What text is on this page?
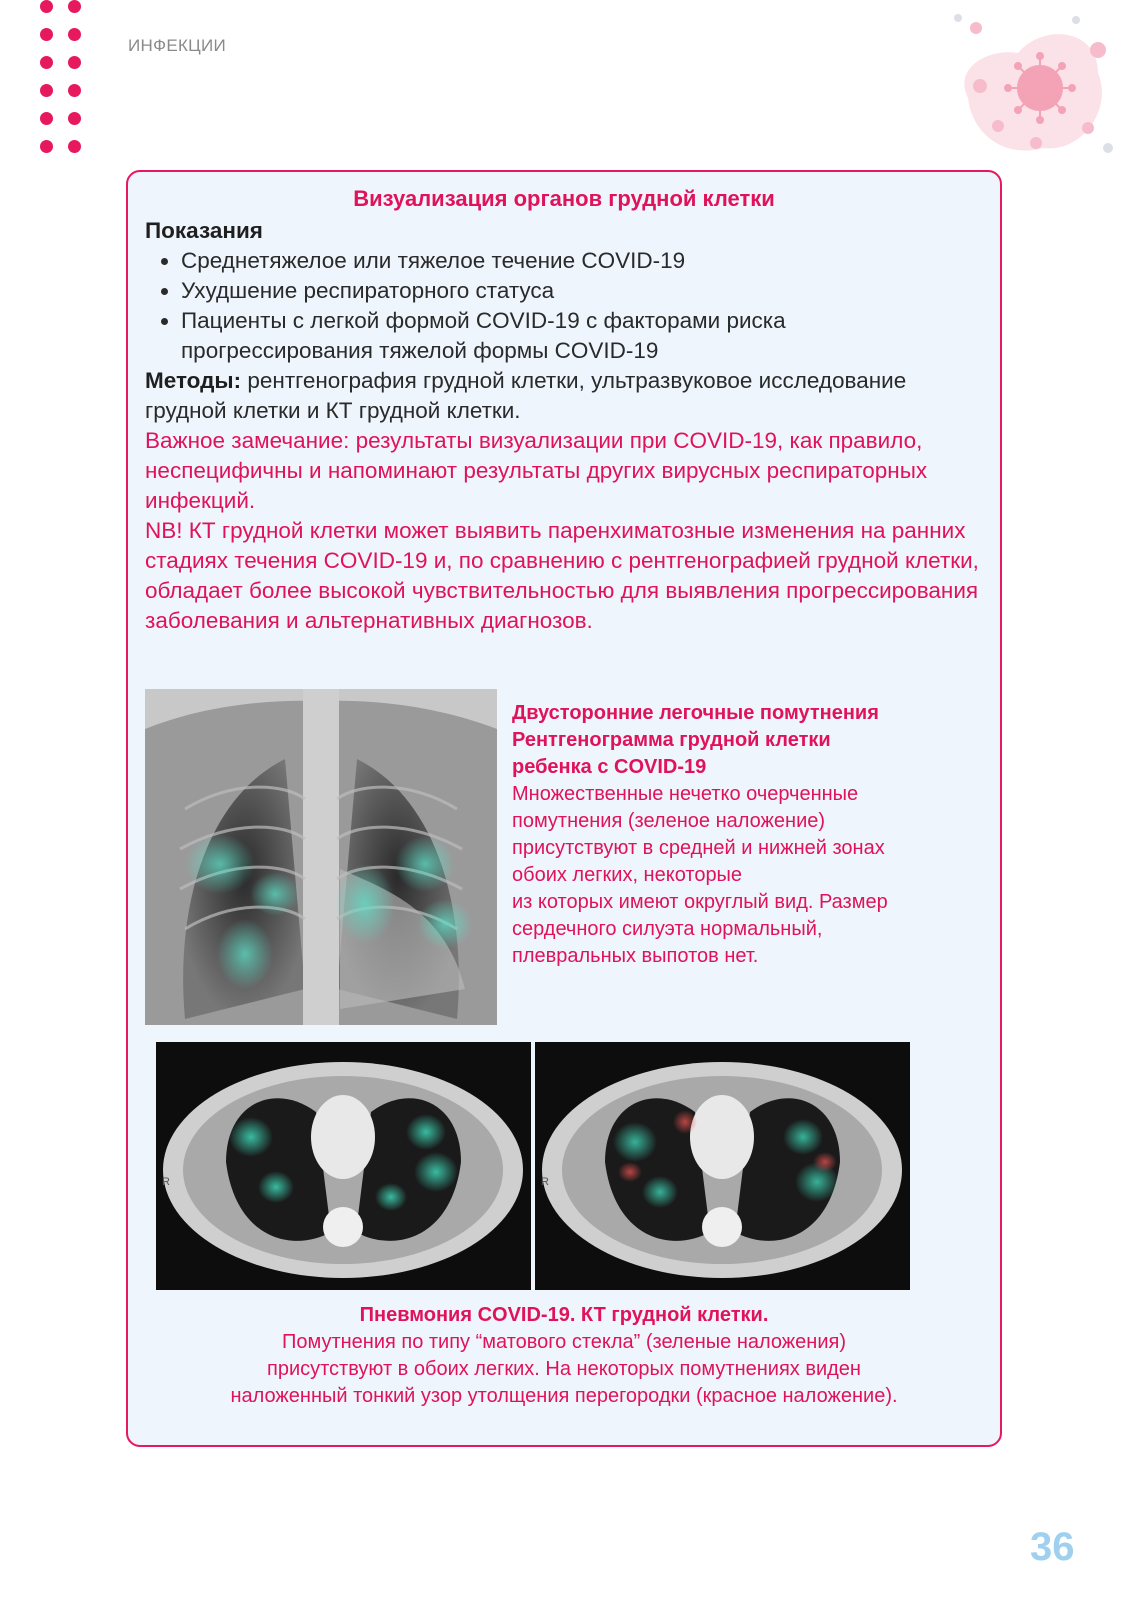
ИНФЕКЦИИ
Визуализация органов грудной клетки
Показания
• Среднетяжелое или тяжелое течение COVID-19
• Ухудшение респираторного статуса
• Пациенты с легкой формой COVID-19 с факторами риска прогрессирования тяжелой формы COVID-19
Методы: рентгенография грудной клетки, ультразвуковое исследование грудной клетки и КТ грудной клетки.
Важное замечание: результаты визуализации при COVID-19, как правило, неспецифичны и напоминают результаты других вирусных респираторных инфекций.
NB! КТ грудной клетки может выявить паренхиматозные изменения на ранних стадиях течения COVID-19 и, по сравнению с рентгенографией грудной клетки, обладает более высокой чувствительностью для выявления прогрессирования заболевания и альтернативных диагнозов.
Двусторонние легочные помутнения
Рентгенограмма грудной клетки
ребенка с COVID-19
Множественные нечетко очерченные
помутнения (зеленое наложение)
присутствуют в средней и нижней зонах
обоих легких, некоторые
из которых имеют округлый вид. Размер
сердечного силуэта нормальный,
плевральных выпотов нет.
R	R
Пневмония COVID-19. КТ грудной клетки.
Помутнения по типу “матового стекла” (зеленые наложения)
присутствуют в обоих легких. На некоторых помутнениях виден
наложенный тонкий узор утолщения перегородки (красное наложение).
36
